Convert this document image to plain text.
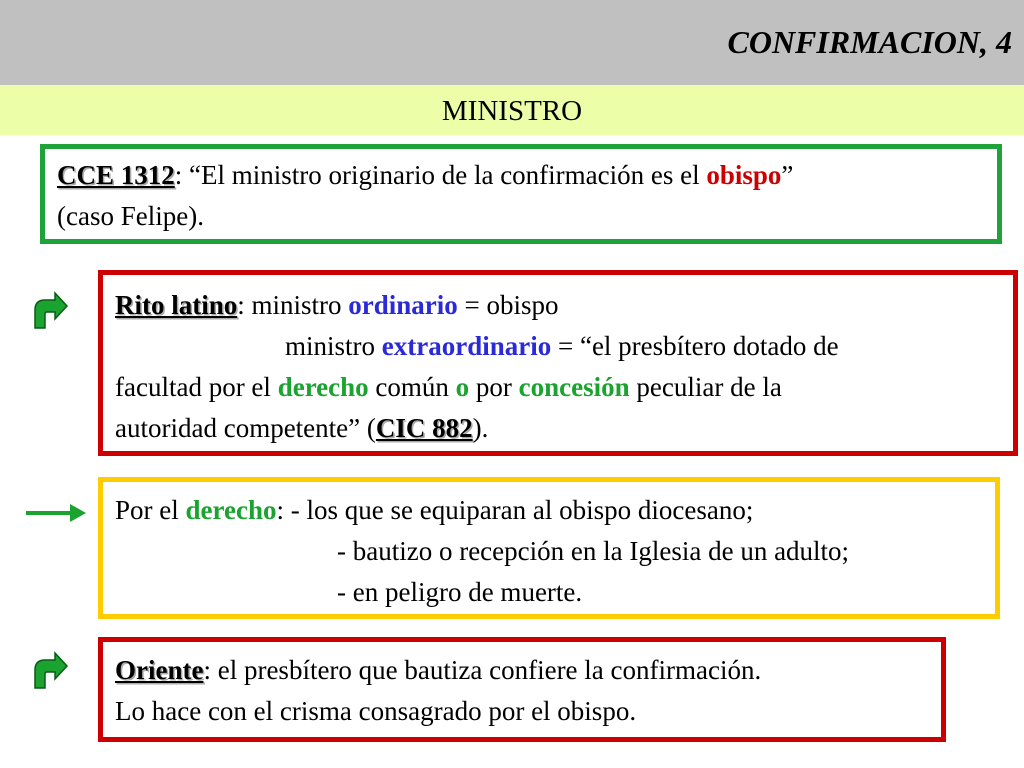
CONFIRMACION, 4
MINISTRO
CCE 1312: “El ministro originario de la confirmación es el obispo”
(caso Felipe).
Rito latino: ministro ordinario = obispo
ministro extraordinario = “el presbítero dotado de
facultad por el derecho común o por concesión peculiar de la
autoridad competente” (CIC 882).
Por el derecho: - los que se equiparan al obispo diocesano;
- bautizo o recepción en la Iglesia de un adulto;
- en peligro de muerte.
Oriente: el presbítero que bautiza confiere la confirmación.
Lo hace con el crisma consagrado por el obispo.
